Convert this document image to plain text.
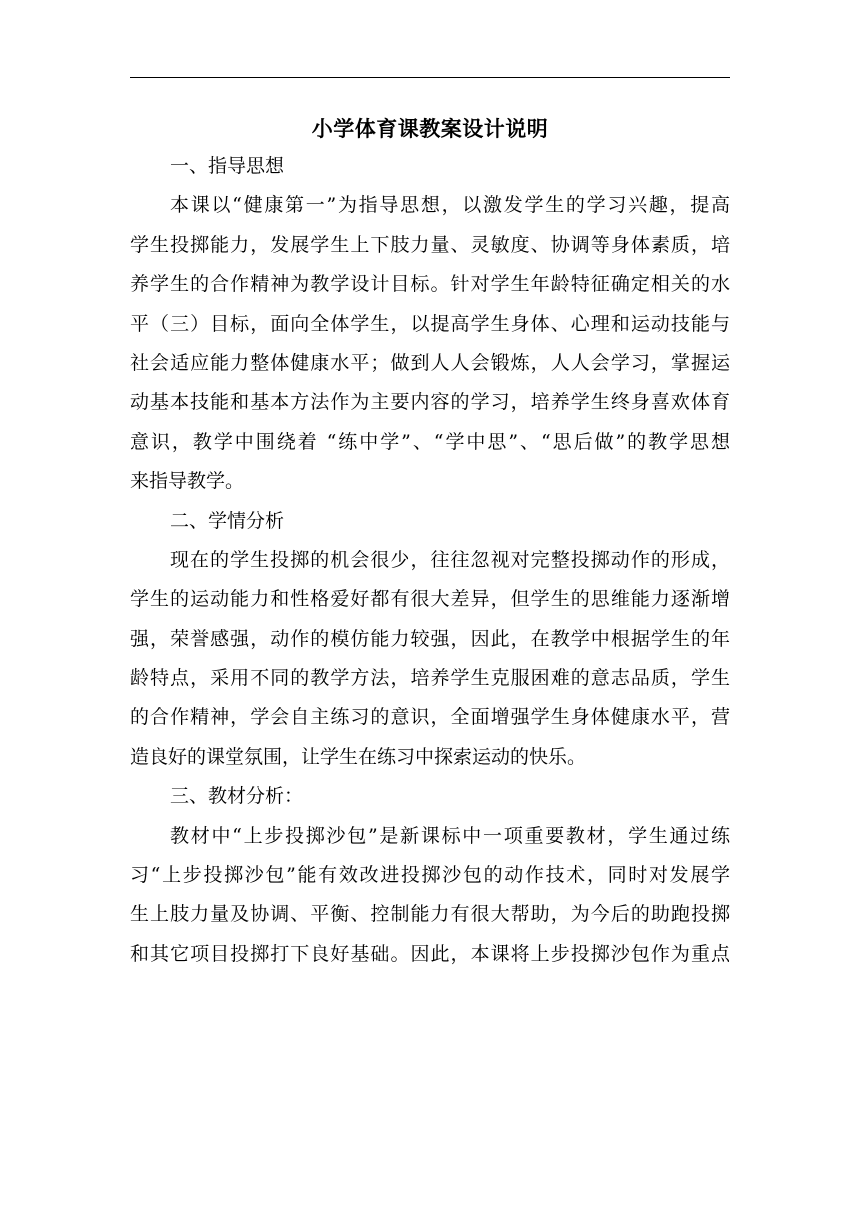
小学体育课教案设计说明

一、指导思想

本课以“健康第一”为指导思想，以激发学生的学习兴趣，提高

学生投掷能力，发展学生上下肢力量、灵敏度、协调等身体素质，培

养学生的合作精神为教学设计目标。针对学生年龄特征确定相关的水

平（三）目标，面向全体学生，以提高学生身体、心理和运动技能与

社会适应能力整体健康水平；做到人人会锻炼，人人会学习，掌握运

动基本技能和基本方法作为主要内容的学习，培养学生终身喜欢体育

意识，教学中围绕着 “练中学”、“学中思”、“思后做”的教学思想

来指导教学。

二、学情分析

现在的学生投掷的机会很少，往往忽视对完整投掷动作的形成，

学生的运动能力和性格爱好都有很大差异，但学生的思维能力逐渐增

强，荣誉感强，动作的模仿能力较强，因此，在教学中根据学生的年

龄特点，采用不同的教学方法，培养学生克服困难的意志品质，学生

的合作精神，学会自主练习的意识，全面增强学生身体健康水平，营

造良好的课堂氛围，让学生在练习中探索运动的快乐。

三、教材分析：

教材中“上步投掷沙包”是新课标中一项重要教材，学生通过练

习“上步投掷沙包”能有效改进投掷沙包的动作技术，同时对发展学

生上肢力量及协调、平衡、控制能力有很大帮助，为今后的助跑投掷

和其它项目投掷打下良好基础。因此，本课将上步投掷沙包作为重点
